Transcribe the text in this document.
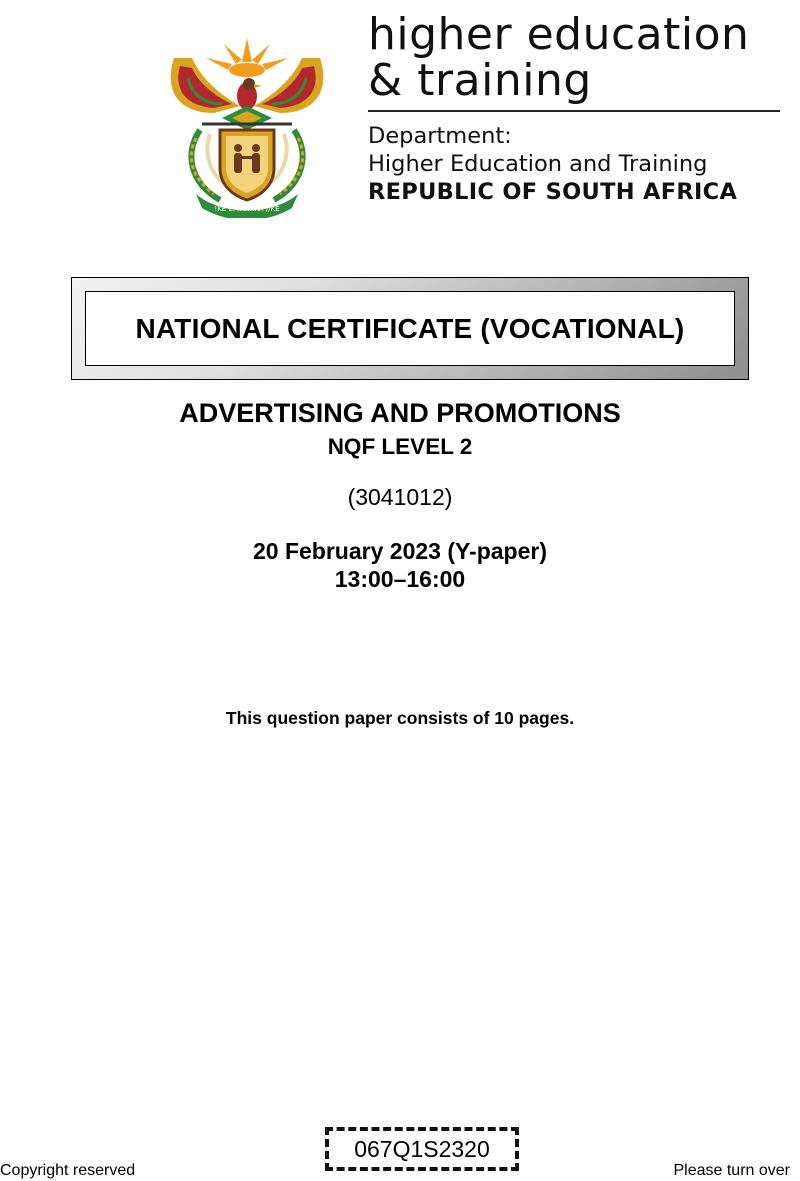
!KE E: /XARRA //KE
higher education
& training
Department:
Higher Education and Training
REPUBLIC OF SOUTH AFRICA
NATIONAL CERTIFICATE (VOCATIONAL)
ADVERTISING AND PROMOTIONS
NQF LEVEL 2
(3041012)
20 February 2023 (Y-paper)
13:00–16:00
This question paper consists of 10 pages.
067Q1S2320
Copyright reserved	Please turn over
